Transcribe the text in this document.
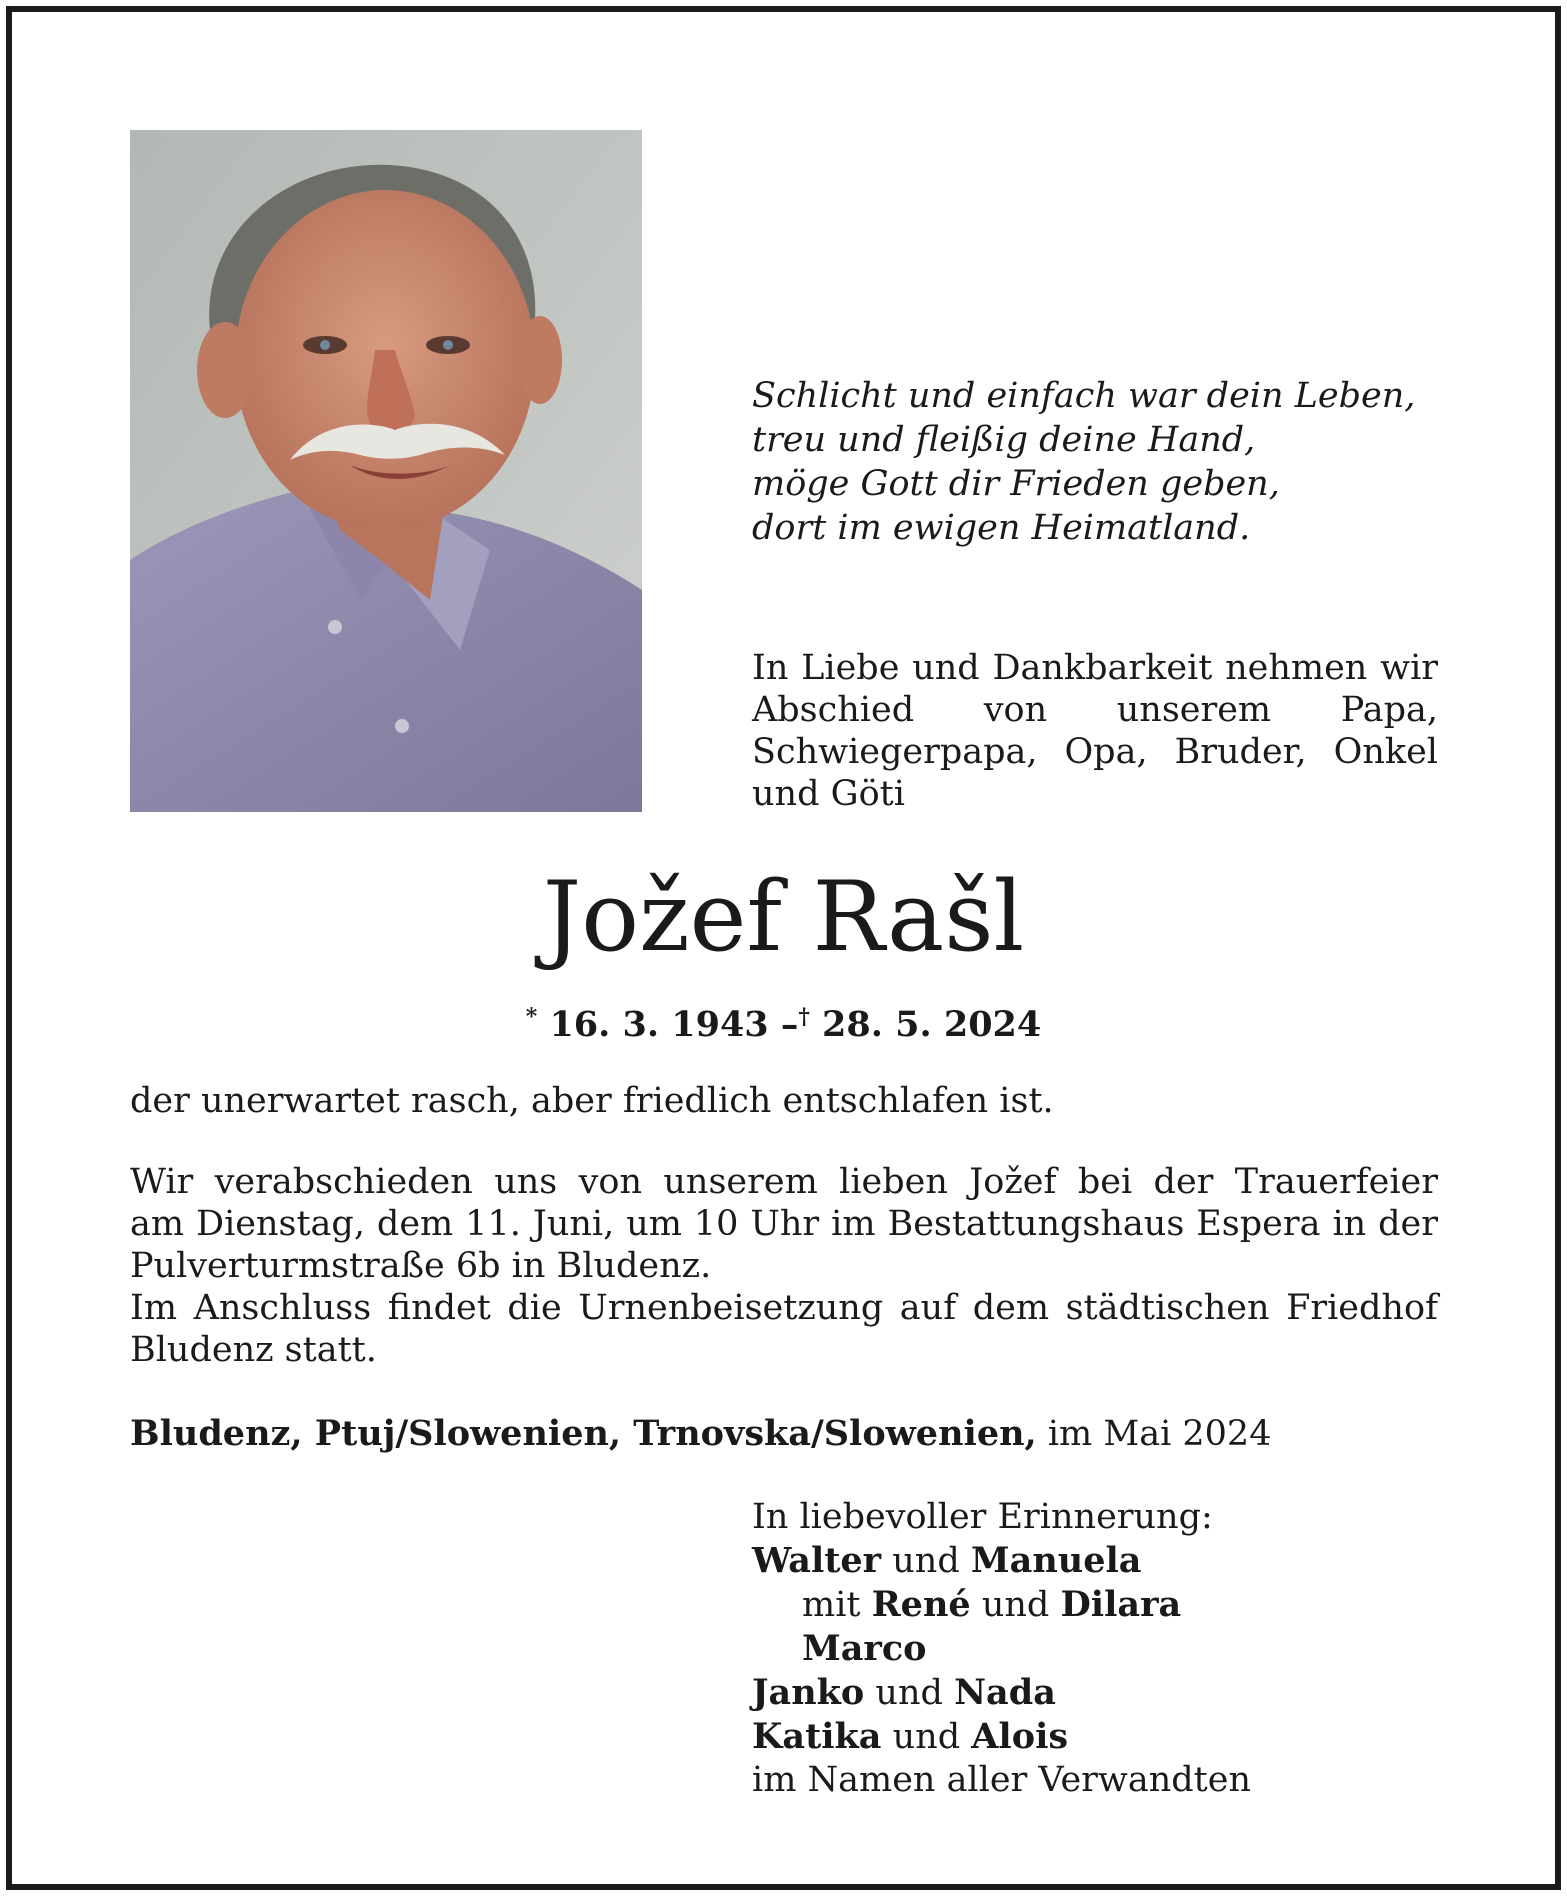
Schlicht und einfach war dein Leben,
treu und fleißig deine Hand,
möge Gott dir Frieden geben,
dort im ewigen Heimatland.
In Liebe und Dankbarkeit nehmen wir Abschied von unserem Papa, Schwiegerpapa, Opa, Bruder, Onkel und Göti
Jožef Rašl
* 16. 3. 1943 –† 28. 5. 2024
der unerwartet rasch, aber friedlich entschlafen ist.
Wir verabschieden uns von unserem lieben Jožef bei der Trauerfeier
am Dienstag, dem 11. Juni, um 10 Uhr im Bestattungshaus Espera in der
Pulverturmstraße 6b in Bludenz.
Im Anschluss findet die Urnenbeisetzung auf dem städtischen Friedhof
Bludenz statt.
Bludenz, Ptuj/Slowenien, Trnovska/Slowenien, im Mai 2024
In liebevoller Erinnerung:
Walter und Manuela
mit René und Dilara
Marco
Janko und Nada
Katika und Alois
im Namen aller Verwandten
